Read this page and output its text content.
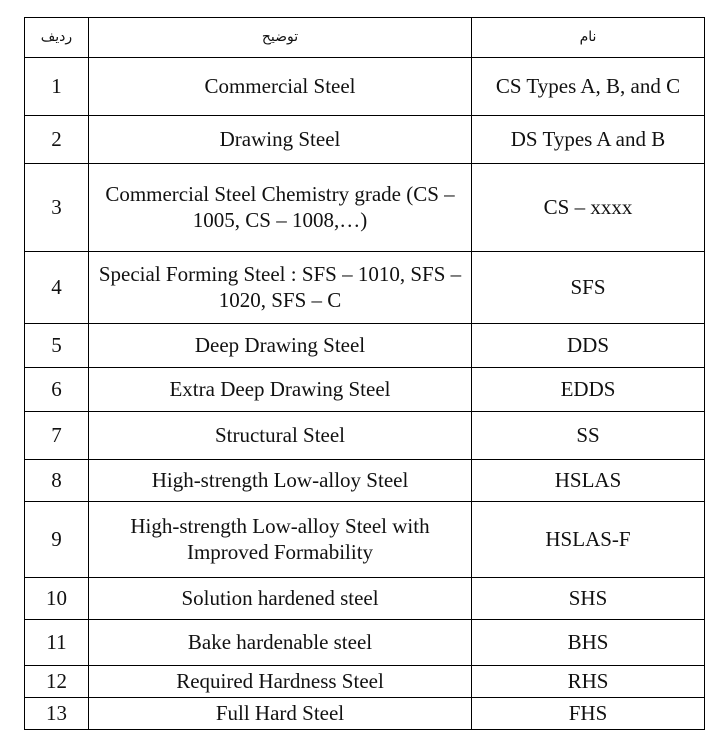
ردیف	توضیح	نام
1	Commercial Steel	CS Types A, B, and C
2	Drawing Steel	DS Types A and B
3	Commercial Steel Chemistry grade (CS – 1005, CS – 1008,…)	CS – xxxx
4	Special Forming Steel : SFS – 1010, SFS – 1020, SFS – C	SFS
5	Deep Drawing Steel	DDS
6	Extra Deep Drawing Steel	EDDS
7	Structural Steel	SS
8	High-strength Low-alloy Steel	HSLAS
9	High-strength Low-alloy Steel with Improved Formability	HSLAS-F
10	Solution hardened steel	SHS
11	Bake hardenable steel	BHS
12	Required Hardness Steel	RHS
13	Full Hard Steel	FHS
